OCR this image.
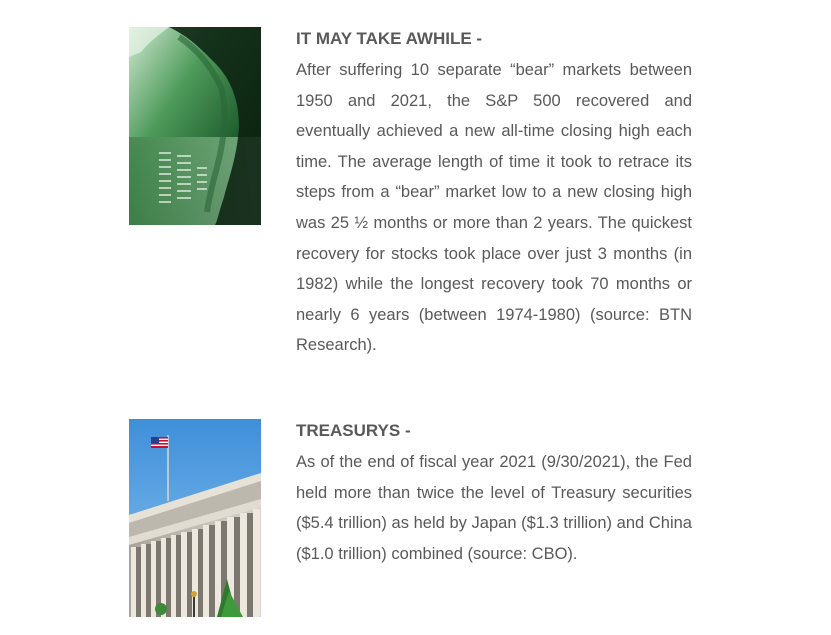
IT MAY TAKE AWHILE -

After suffering 10 separate “bear” markets between 1950 and 2021, the S&P 500 recovered and eventually achieved a new all-time closing high each time. The average length of time it took to retrace its steps from a “bear” market low to a new closing high was 25 ½ months or more than 2 years. The quickest recovery for stocks took place over just 3 months (in 1982) while the longest recovery took 70 months or nearly 6 years (between 1974-1980) (source: BTN Research).

TREASURYS -

As of the end of fiscal year 2021 (9/30/2021), the Fed held more than twice the level of Treasury securities ($5.4 trillion) as held by Japan ($1.3 trillion) and China ($1.0 trillion) combined (source: CBO).
